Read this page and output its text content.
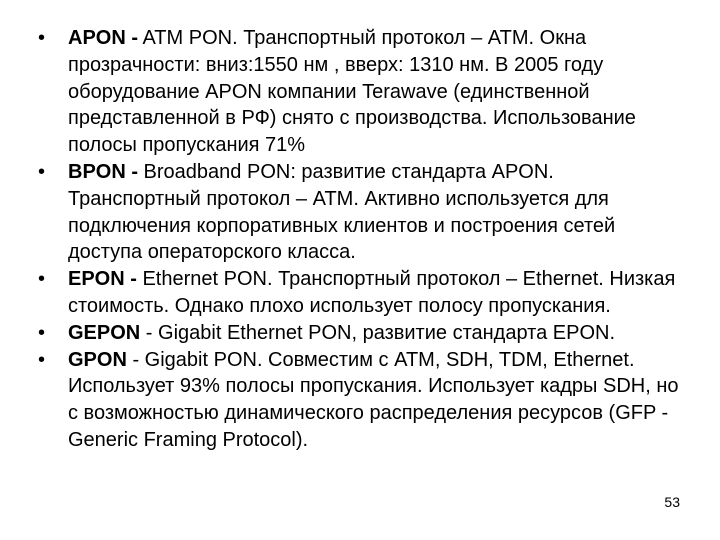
•	APON - ATM PON. Транспортный протокол – ATM. Окна прозрачности: вниз:1550 нм , вверх: 1310 нм. В 2005 году оборудование APON компании Terawave (единственной представленной в РФ) снято с производства. Использование полосы пропускания 71%
•	BPON - Broadband PON: развитие стандарта APON. Транспортный протокол – ATM. Активно используется для подключения корпоративных клиентов и построения сетей доступа операторского класса.
•	EPON - Ethernet PON. Транспортный протокол – Ethernet. Низкая стоимость. Однако плохо использует полосу пропускания.
•	GEPON - Gigabit Ethernet PON, развитие стандарта EPON.
•	GPON - Gigabit PON. Совместим с ATM, SDH, TDM, Ethernet. Использует 93% полосы пропускания. Использует кадры SDH, но с возможностью динамического распределения ресурсов (GFP - Generic Framing Protocol).
53
